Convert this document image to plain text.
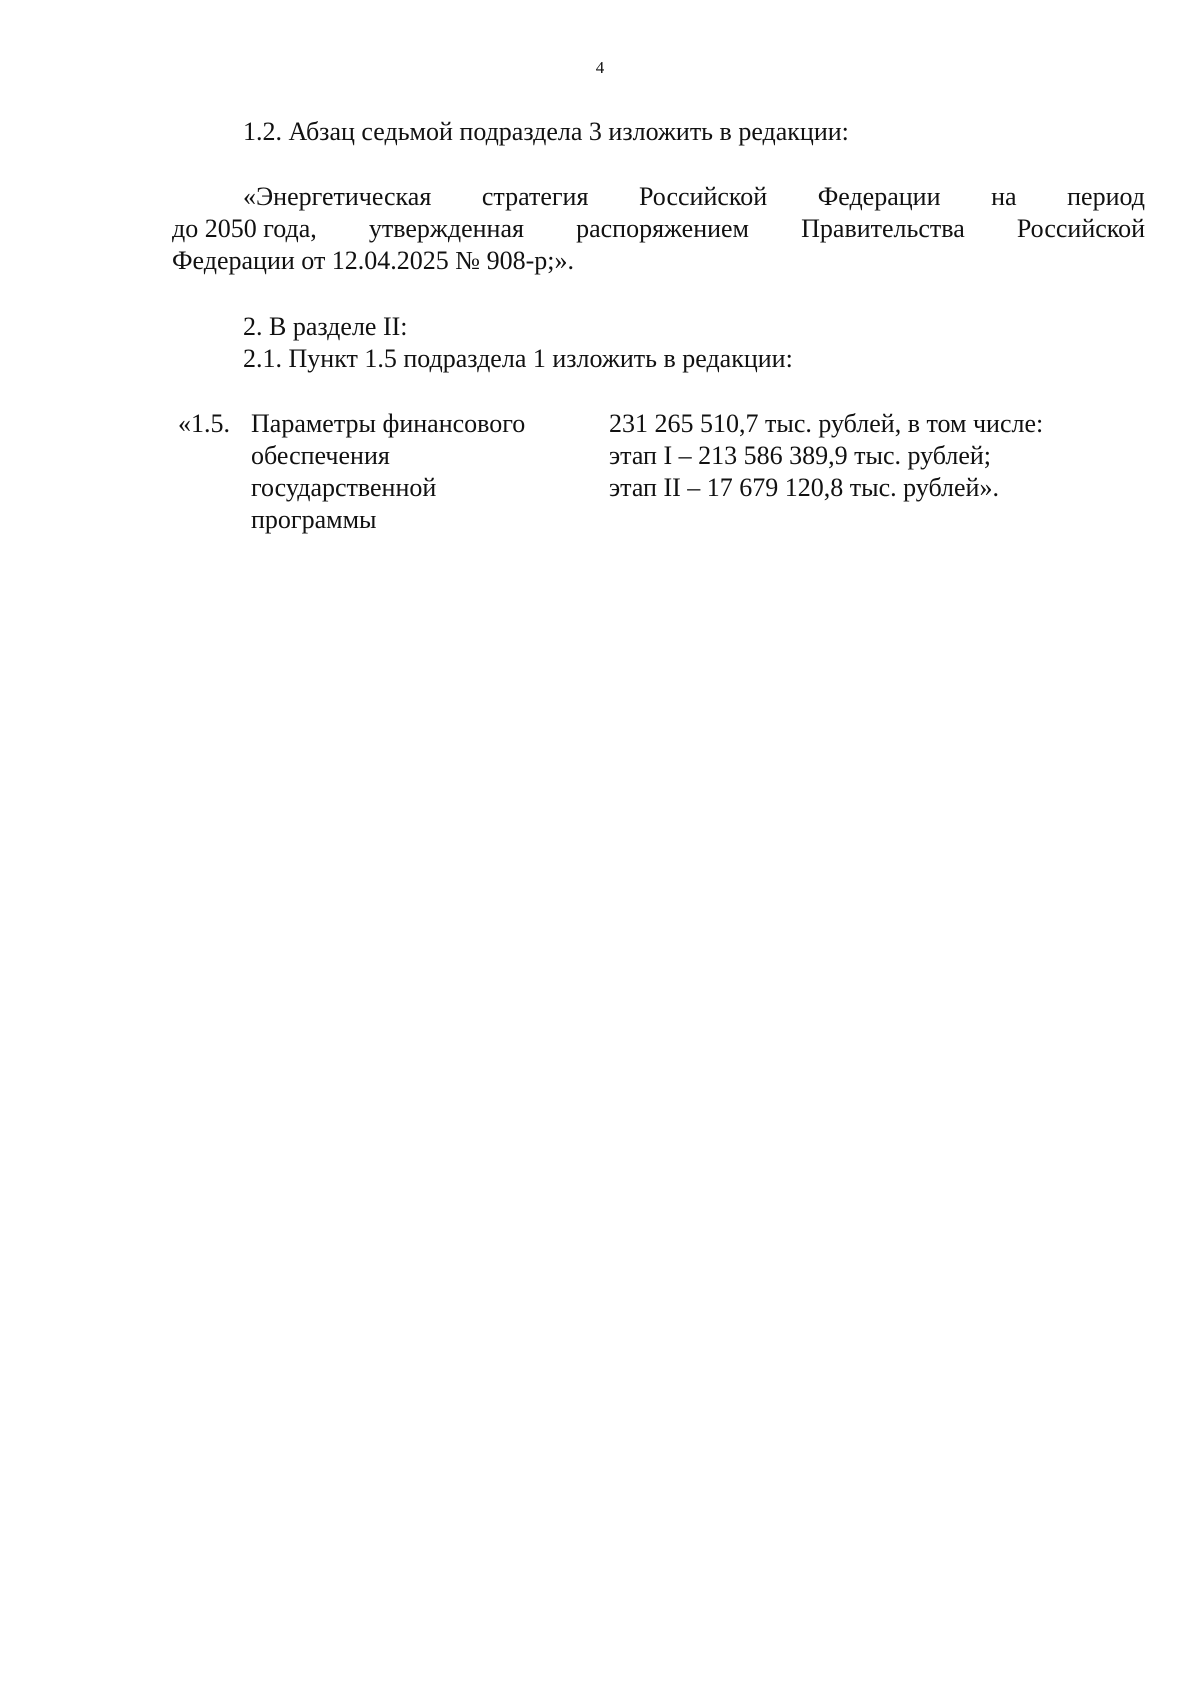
4
1.2. Абзац седьмой подраздела 3 изложить в редакции:
«Энергетическая стратегия Российской Федерации на период
до 2050 года, утвержденная распоряжением Правительства Российской
Федерации от 12.04.2025 № 908-р;».
2. В разделе II:
2.1. Пункт 1.5 подраздела 1 изложить в редакции:
«1.5. Параметры финансового
обеспечения
государственной
программы
231 265 510,7 тыс. рублей, в том числе:
этап I – 213 586 389,9 тыс. рублей;
этап II – 17 679 120,8 тыс. рублей».
